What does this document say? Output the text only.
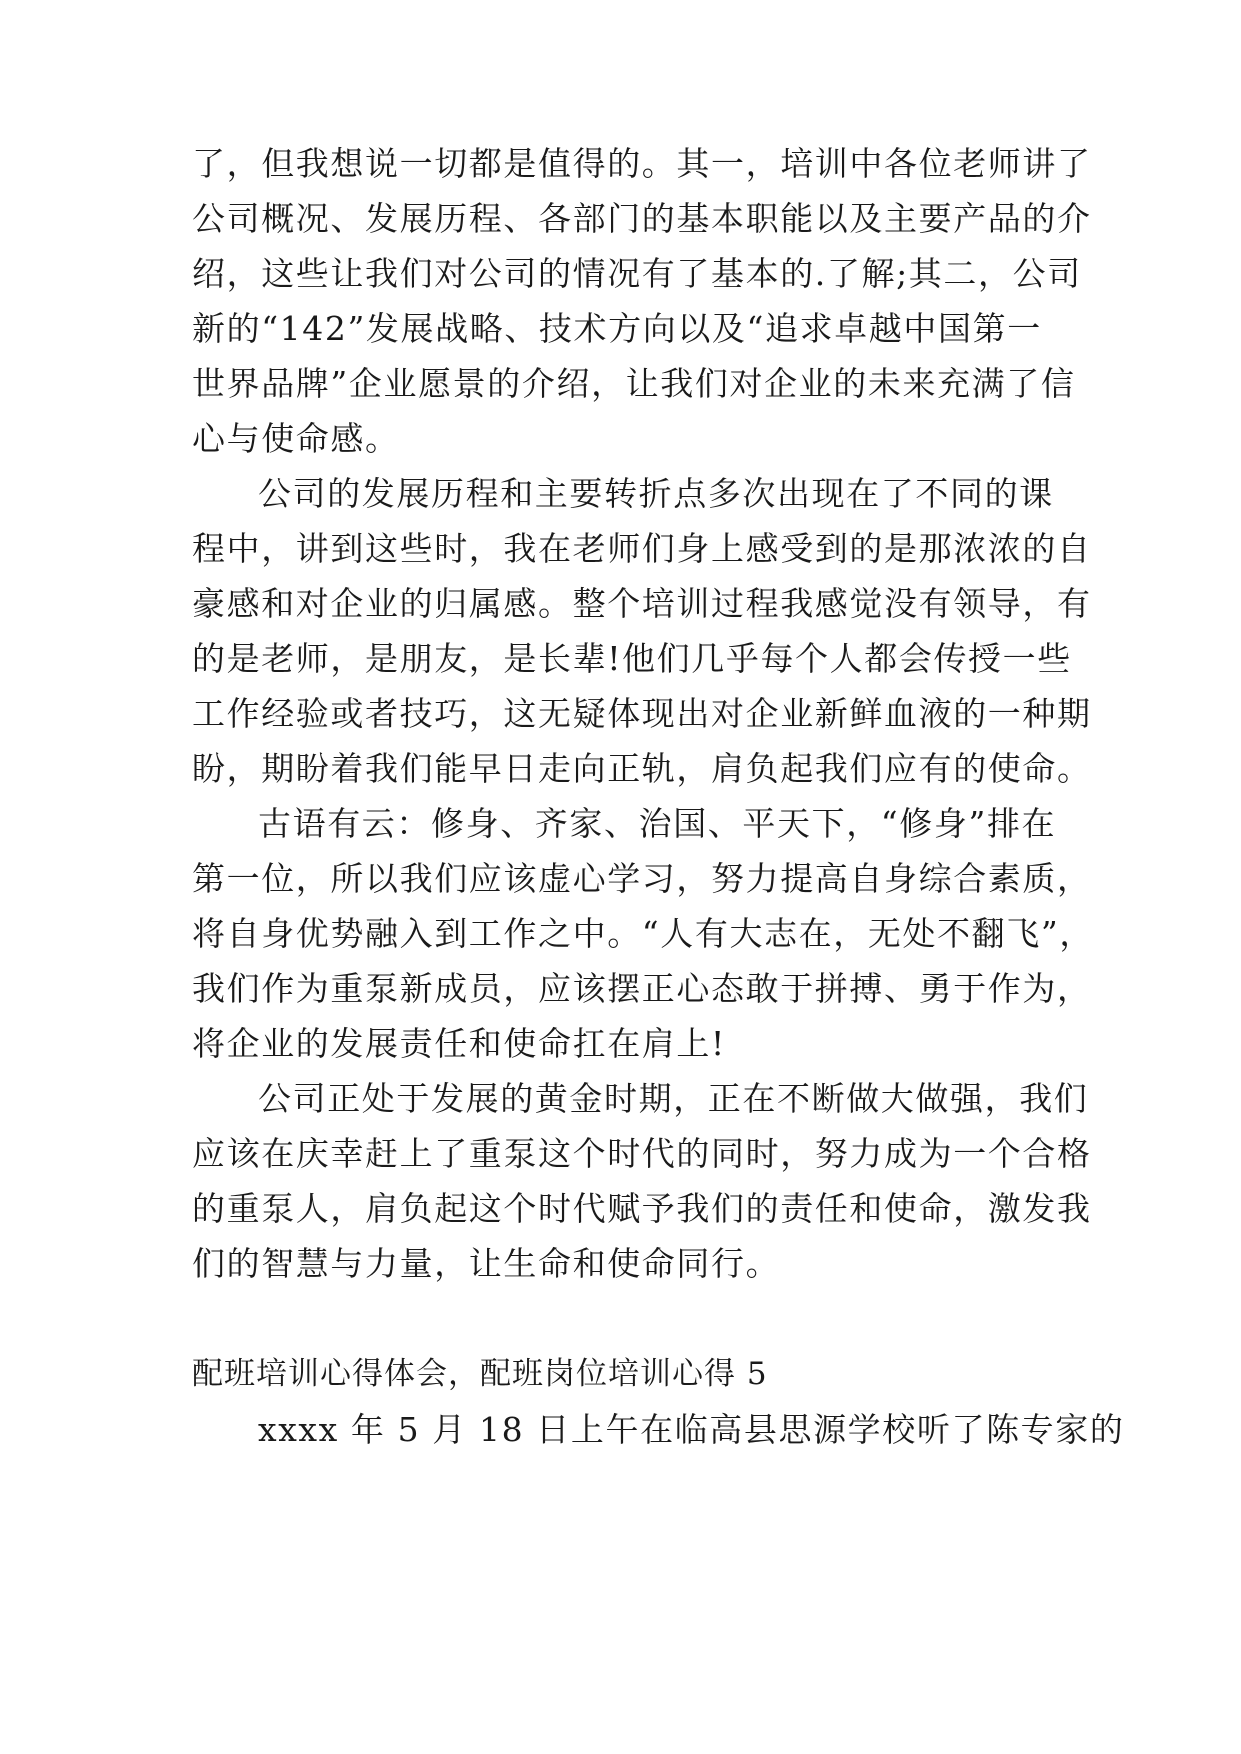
了，但我想说一切都是值得的。其一，培训中各位老师讲了
公司概况、发展历程、各部门的基本职能以及主要产品的介
绍，这些让我们对公司的情况有了基本的.了解;其二，公司
新的“142”发展战略、技术方向以及“追求卓越中国第一
世界品牌”企业愿景的介绍，让我们对企业的未来充满了信
心与使命感。
公司的发展历程和主要转折点多次出现在了不同的课
程中，讲到这些时，我在老师们身上感受到的是那浓浓的自
豪感和对企业的归属感。整个培训过程我感觉没有领导，有
的是老师，是朋友，是长辈!他们几乎每个人都会传授一些
工作经验或者技巧，这无疑体现出对企业新鲜血液的一种期
盼，期盼着我们能早日走向正轨，肩负起我们应有的使命。
古语有云：修身、齐家、治国、平天下，“修身”排在
第一位，所以我们应该虚心学习，努力提高自身综合素质，
将自身优势融入到工作之中。“人有大志在，无处不翻飞”，
我们作为重泵新成员，应该摆正心态敢于拼搏、勇于作为，
将企业的发展责任和使命扛在肩上!
公司正处于发展的黄金时期，正在不断做大做强，我们
应该在庆幸赶上了重泵这个时代的同时，努力成为一个合格
的重泵人，肩负起这个时代赋予我们的责任和使命，激发我
们的智慧与力量，让生命和使命同行。
配班培训心得体会，配班岗位培训心得 5
xxxx 年 5 月 18 日上午在临高县思源学校听了陈专家的
